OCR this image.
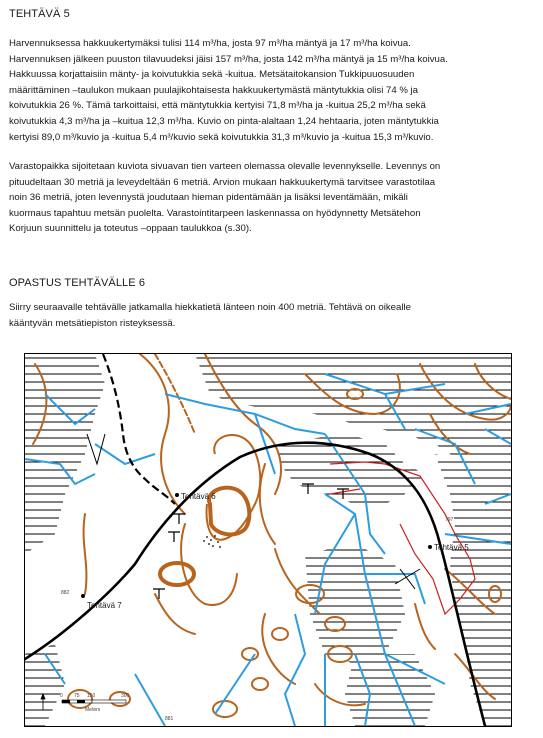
TEHTÄVÄ 5
Harvennuksessa hakkuukertymäksi tulisi 114 m³/ha, josta 97 m³/ha mäntyä ja 17 m³/ha koivua.
Harvennuksen jälkeen puuston tilavuudeksi jäisi 157 m³/ha, josta 142 m³/ha mäntyä ja 15 m³/ha koivua.
Hakkuussa korjattaisiin mänty- ja koivutukkia sekä -kuitua. Metsätaitokansion Tukkipuuosuuden
määrittäminen –taulukon mukaan puulajikohtaisesta hakkuukertymästä mäntytukkia olisi 74 % ja
koivutukkia 26 %. Tämä tarkoittaisi, että mäntytukkia kertyisi 71,8 m³/ha ja -kuitua 25,2 m³/ha sekä
koivutukkia 4,3 m³/ha ja –kuitua 12,3 m³/ha. Kuvio on pinta-alaltaan 1,24 hehtaaria, joten mäntytukkia
kertyisi 89,0 m³/kuvio ja -kuitua 5,4 m³/kuvio sekä koivutukkia 31,3 m³/kuvio ja -kuitua 15,3 m³/kuvio.
Varastopaikka sijoitetaan kuviota sivuavan tien varteen olemassa olevalle levennykselle. Levennys on
pituudeltaan 30 metriä ja leveydeltään 6 metriä. Arvion mukaan hakkuukertymä tarvitsee varastotilaa
noin 36 metriä, joten levennystä joudutaan hieman pidentämään ja lisäksi leventämään, mikäli
kuormaus tapahtuu metsän puolelta. Varastointitarpeen laskennassa on hyödynnetty Metsätehon
Korjuun suunnittelu ja toteutus –oppaan taulukkoa (s.30).
OPASTUS TEHTÄVÄLLE 6
Siirry seuraavalle tehtävälle jatkamalla hiekkatietä länteen noin 400 metriä. Tehtävä on oikealle
kääntyvän metsätiepiston risteyksessä.
Tehtävä 6
Tehtävä 5
Tehtävä 7
797
882
881
0 75 150	300
Meters
